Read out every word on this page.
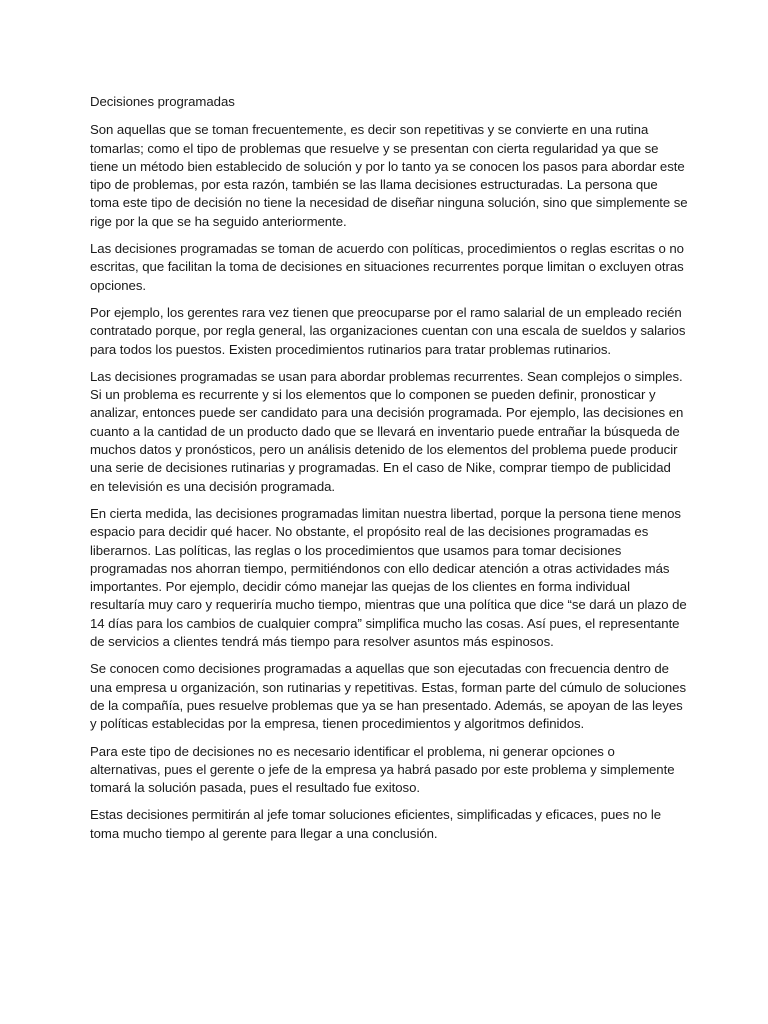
Decisiones programadas

Son aquellas que se toman frecuentemente, es decir son repetitivas y se convierte en una rutina tomarlas; como el tipo de problemas que resuelve y se presentan con cierta regularidad ya que se tiene un método bien establecido de solución y por lo tanto ya se conocen los pasos para abordar este tipo de problemas, por esta razón, también se las llama decisiones estructuradas. La persona que toma este tipo de decisión no tiene la necesidad de diseñar ninguna solución, sino que simplemente se rige por la que se ha seguido anteriormente.

Las decisiones programadas se toman de acuerdo con políticas, procedimientos o reglas escritas o no escritas, que facilitan la toma de decisiones en situaciones recurrentes porque limitan o excluyen otras opciones.

Por ejemplo, los gerentes rara vez tienen que preocuparse por el ramo salarial de un empleado recién contratado porque, por regla general, las organizaciones cuentan con una escala de sueldos y salarios para todos los puestos. Existen procedimientos rutinarios para tratar problemas rutinarios.

Las decisiones programadas se usan para abordar problemas recurrentes. Sean complejos o simples. Si un problema es recurrente y si los elementos que lo componen se pueden definir, pronosticar y analizar, entonces puede ser candidato para una decisión programada. Por ejemplo, las decisiones en cuanto a la cantidad de un producto dado que se llevará en inventario puede entrañar la búsqueda de muchos datos y pronósticos, pero un análisis detenido de los elementos del problema puede producir una serie de decisiones rutinarias y programadas. En el caso de Nike, comprar tiempo de publicidad en televisión es una decisión programada.

En cierta medida, las decisiones programadas limitan nuestra libertad, porque la persona tiene menos espacio para decidir qué hacer. No obstante, el propósito real de las decisiones programadas es liberarnos. Las políticas, las reglas o los procedimientos que usamos para tomar decisiones programadas nos ahorran tiempo, permitiéndonos con ello dedicar atención a otras actividades más importantes. Por ejemplo, decidir cómo manejar las quejas de los clientes en forma individual resultaría muy caro y requeriría mucho tiempo, mientras que una política que dice “se dará un plazo de 14 días para los cambios de cualquier compra” simplifica mucho las cosas. Así pues, el representante de servicios a clientes tendrá más tiempo para resolver asuntos más espinosos.

Se conocen como decisiones programadas a aquellas que son ejecutadas con frecuencia dentro de una empresa u organización, son rutinarias y repetitivas. Estas, forman parte del cúmulo de soluciones de la compañía, pues resuelve problemas que ya se han presentado. Además, se apoyan de las leyes y políticas establecidas por la empresa, tienen procedimientos y algoritmos definidos.

Para este tipo de decisiones no es necesario identificar el problema, ni generar opciones o alternativas, pues el gerente o jefe de la empresa ya habrá pasado por este problema y simplemente tomará la solución pasada, pues el resultado fue exitoso.

Estas decisiones permitirán al jefe tomar soluciones eficientes, simplificadas y eficaces, pues no le toma mucho tiempo al gerente para llegar a una conclusión.
